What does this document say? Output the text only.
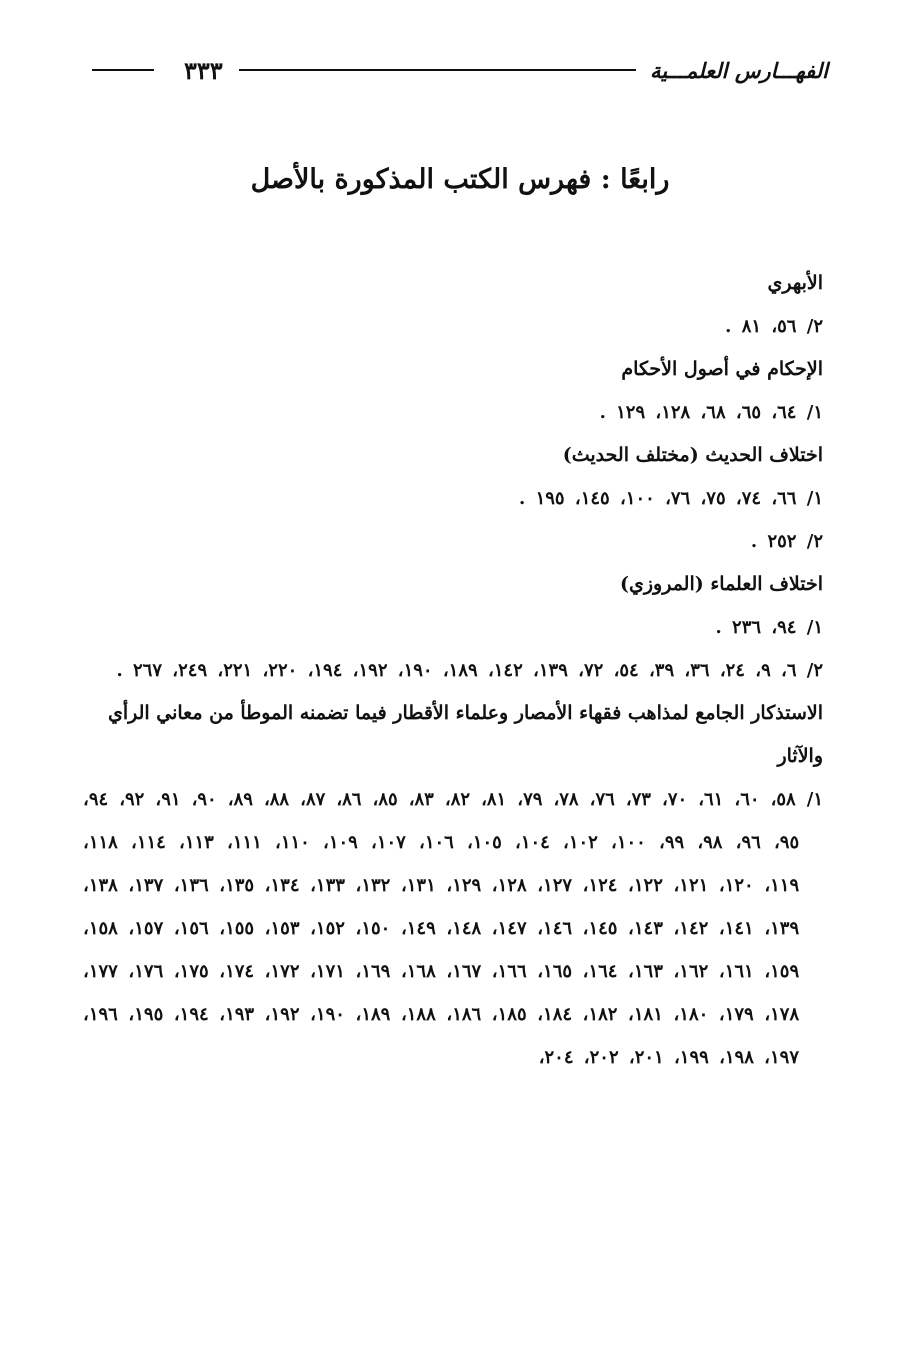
الفهـــارس العلمـــية
٣٣٣
رابعًا : فهرس الكتب المذكورة بالأصل

الأبهري

٢/ ٥٦، ٨١ .

الإحكام في أصول الأحكام

١/ ٦٤، ٦٥، ٦٨، ١٢٨، ١٢٩ .

اختلاف الحديث (مختلف الحديث)

١/ ٦٦، ٧٤، ٧٥، ٧٦، ١٠٠، ١٤٥، ١٩٥ .

٢/ ٢٥٢ .

اختلاف العلماء (المروزي)

١/ ٩٤، ٢٣٦ .

٢/ ٦، ٩، ٢٤، ٣٦، ٣٩، ٥٤، ٧٢، ١٣٩، ١٤٢، ١٨٩، ١٩٠، ١٩٢، ١٩٤، ٢٢٠، ٢٢١، ٢٤٩، ٢٦٧ .

الاستذكار الجامع لمذاهب فقهاء الأمصار وعلماء الأقطار فيما تضمنه الموطأ من معاني الرأي والآثار

١/ ٥٨، ٦٠، ٦١، ٧٠، ٧٣، ٧٦، ٧٨، ٧٩، ٨١، ٨٢، ٨٣، ٨٥، ٨٦، ٨٧، ٨٨، ٨٩، ٩٠، ٩١، ٩٢، ٩٤، ٩٥، ٩٦، ٩٨، ٩٩، ١٠٠، ١٠٢، ١٠٤، ١٠٥، ١٠٦، ١٠٧، ١٠٩، ١١٠، ١١١، ١١٣، ١١٤، ١١٨، ١١٩، ١٢٠، ١٢١، ١٢٢، ١٢٤، ١٢٧، ١٢٨، ١٢٩، ١٣١، ١٣٢، ١٣٣، ١٣٤، ١٣٥، ١٣٦، ١٣٧، ١٣٨، ١٣٩، ١٤١، ١٤٢، ١٤٣، ١٤٥، ١٤٦، ١٤٧، ١٤٨، ١٤٩، ١٥٠، ١٥٢، ١٥٣، ١٥٥، ١٥٦، ١٥٧، ١٥٨، ١٥٩، ١٦١، ١٦٢، ١٦٣، ١٦٤، ١٦٥، ١٦٦، ١٦٧، ١٦٨، ١٦٩، ١٧١، ١٧٢، ١٧٤، ١٧٥، ١٧٦، ١٧٧، ١٧٨، ١٧٩، ١٨٠، ١٨١، ١٨٢، ١٨٤، ١٨٥، ١٨٦، ١٨٨، ١٨٩، ١٩٠، ١٩٢، ١٩٣، ١٩٤، ١٩٥، ١٩٦، ١٩٧، ١٩٨، ١٩٩، ٢٠١، ٢٠٢، ٢٠٤،
